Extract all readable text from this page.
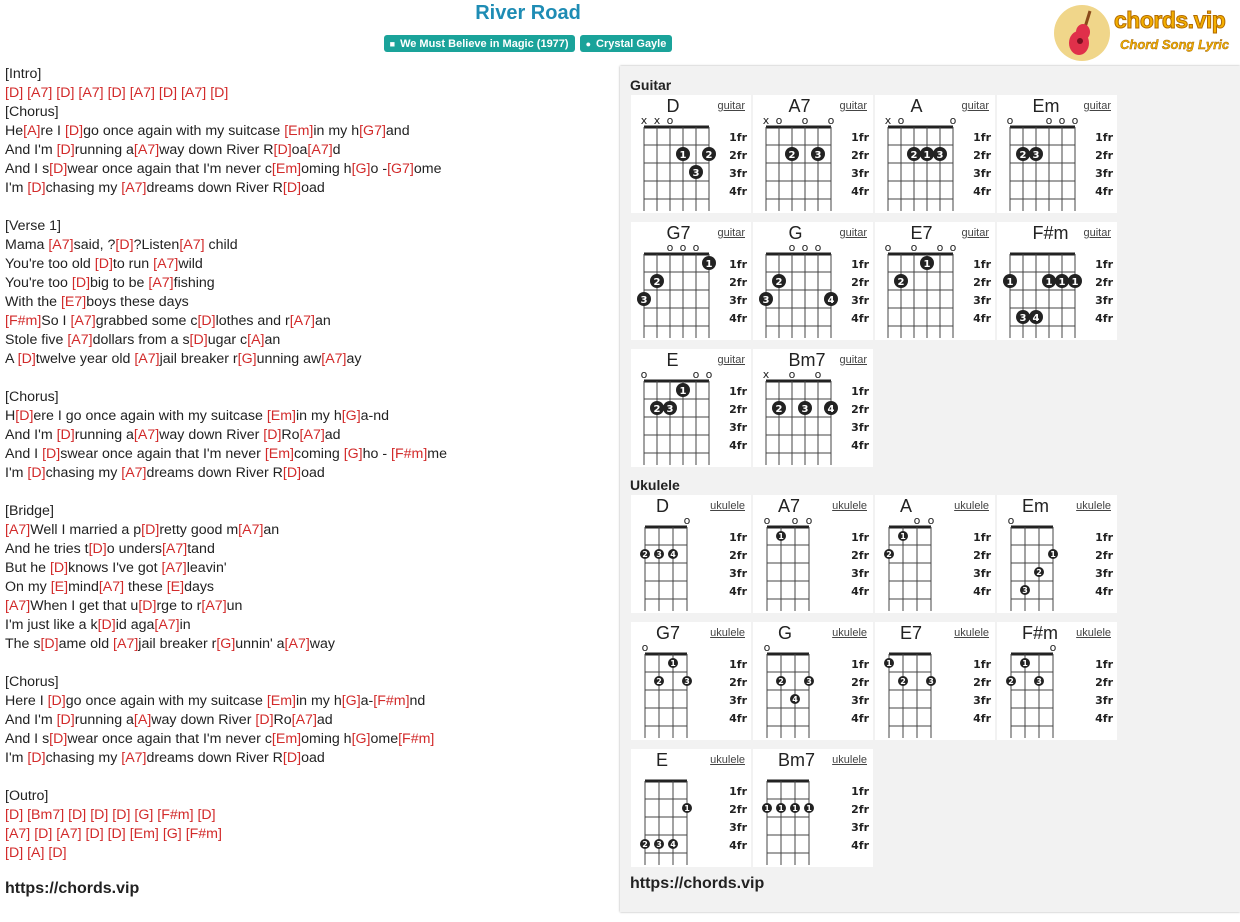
River Road
■ We Must Believe in Magic (1977) ● Crystal Gayle
chords.vip
Chord Song Lyric
[Intro]
[D] [A7] [D] [A7] [D] [A7] [D] [A7] [D]
[Chorus]
He[A]re I [D]go once again with my suitcase [Em]in my h[G7]and
And I'm [D]running a[A7]way down River R[D]oa[A7]d
And I s[D]wear once again that I'm never c[Em]oming h[G]o -[G7]ome
I'm [D]chasing my [A7]dreams down River R[D]oad
[Verse 1]
Mama [A7]said, ?[D]?Listen[A7] child
You're too old [D]to run [A7]wild
You're too [D]big to be [A7]fishing
With the [E7]boys these days
[F#m]So I [A7]grabbed some c[D]lothes and r[A7]an
Stole five [A7]dollars from a s[D]ugar c[A]an
A [D]twelve year old [A7]jail breaker r[G]unning aw[A7]ay
[Chorus]
H[D]ere I go once again with my suitcase [Em]in my h[G]a-nd
And I'm [D]running a[A7]way down River [D]Ro[A7]ad
And I [D]swear once again that I'm never [Em]coming [G]ho - [F#m]me
I'm [D]chasing my [A7]dreams down River R[D]oad
[Bridge]
[A7]Well I married a p[D]retty good m[A7]an
And he tries t[D]o unders[A7]tand
But he [D]knows I've got [A7]leavin'
On my [E]mind[A7] these [E]days
[A7]When I get that u[D]rge to r[A7]un
I'm just like a k[D]id aga[A7]in
The s[D]ame old [A7]jail breaker r[G]unnin' a[A7]way
[Chorus]
Here I [D]go once again with my suitcase [Em]in my h[G]a-[F#m]nd
And I'm [D]running a[A]way down River [D]Ro[A7]ad
And I s[D]wear once again that I'm never c[Em]oming h[G]ome[F#m]
I'm [D]chasing my [A7]dreams down River R[D]oad
[Outro]
[D] [Bm7] [D] [D] [D] [G] [F#m] [D]
[A7] [D] [A7] [D] [D] [Em] [G] [F#m]
[D] [A] [D]
https://chords.vip
Guitar
Ukulele
https://chords.vip
D	guitar
x x o
1fr
2fr
3fr
4fr
1 2
3
A7	guitar
x o o o
1fr
2fr
3fr
4fr
2 3
A	guitar
x o	o
1fr
2fr
3fr
4fr
2 1 3
Em guitar
o	o o o
1fr
2fr
3fr
4fr
2 3
G7 guitar
o o o
1fr
2fr
3fr
4fr
1
2
3
G	guitar
o o o
1fr
2fr
3fr
4fr
2
3	4
E7	guitar
o o o o
1fr
2fr
3fr
4fr
1
2
F#m guitar
1fr
2fr
3fr
4fr
1	1 1 1
3 4
E	guitar
o	o o
1fr
2fr
3fr
4fr
1
2 3
Bm7 guitar
x o o
1fr
2fr
3fr
4fr
2 3 4
D	ukulele
o
1fr
2fr
3fr
4fr
2 3 4
A7	ukulele
o o o
1fr
2fr
3fr
4fr
1
A	ukulele
o o
1fr
2fr
3fr
4fr
1
2
Em ukulele
o
1fr
2fr
3fr
4fr
1
2
3
G7	ukulele
o
1fr
2fr
3fr
4fr
1
2	3
G	ukulele
o
1fr
2fr
3fr
4fr
2	3
4
E7	ukulele
1fr
2fr
3fr
4fr
1
2	3
F#m ukulele
o
1fr
2fr
3fr
4fr
1
2	3
E	ukulele
1fr
2fr
3fr
4fr
1
2 3 4
Bm7 ukulele
1fr
2fr
3fr
4fr
1 1 1 1
